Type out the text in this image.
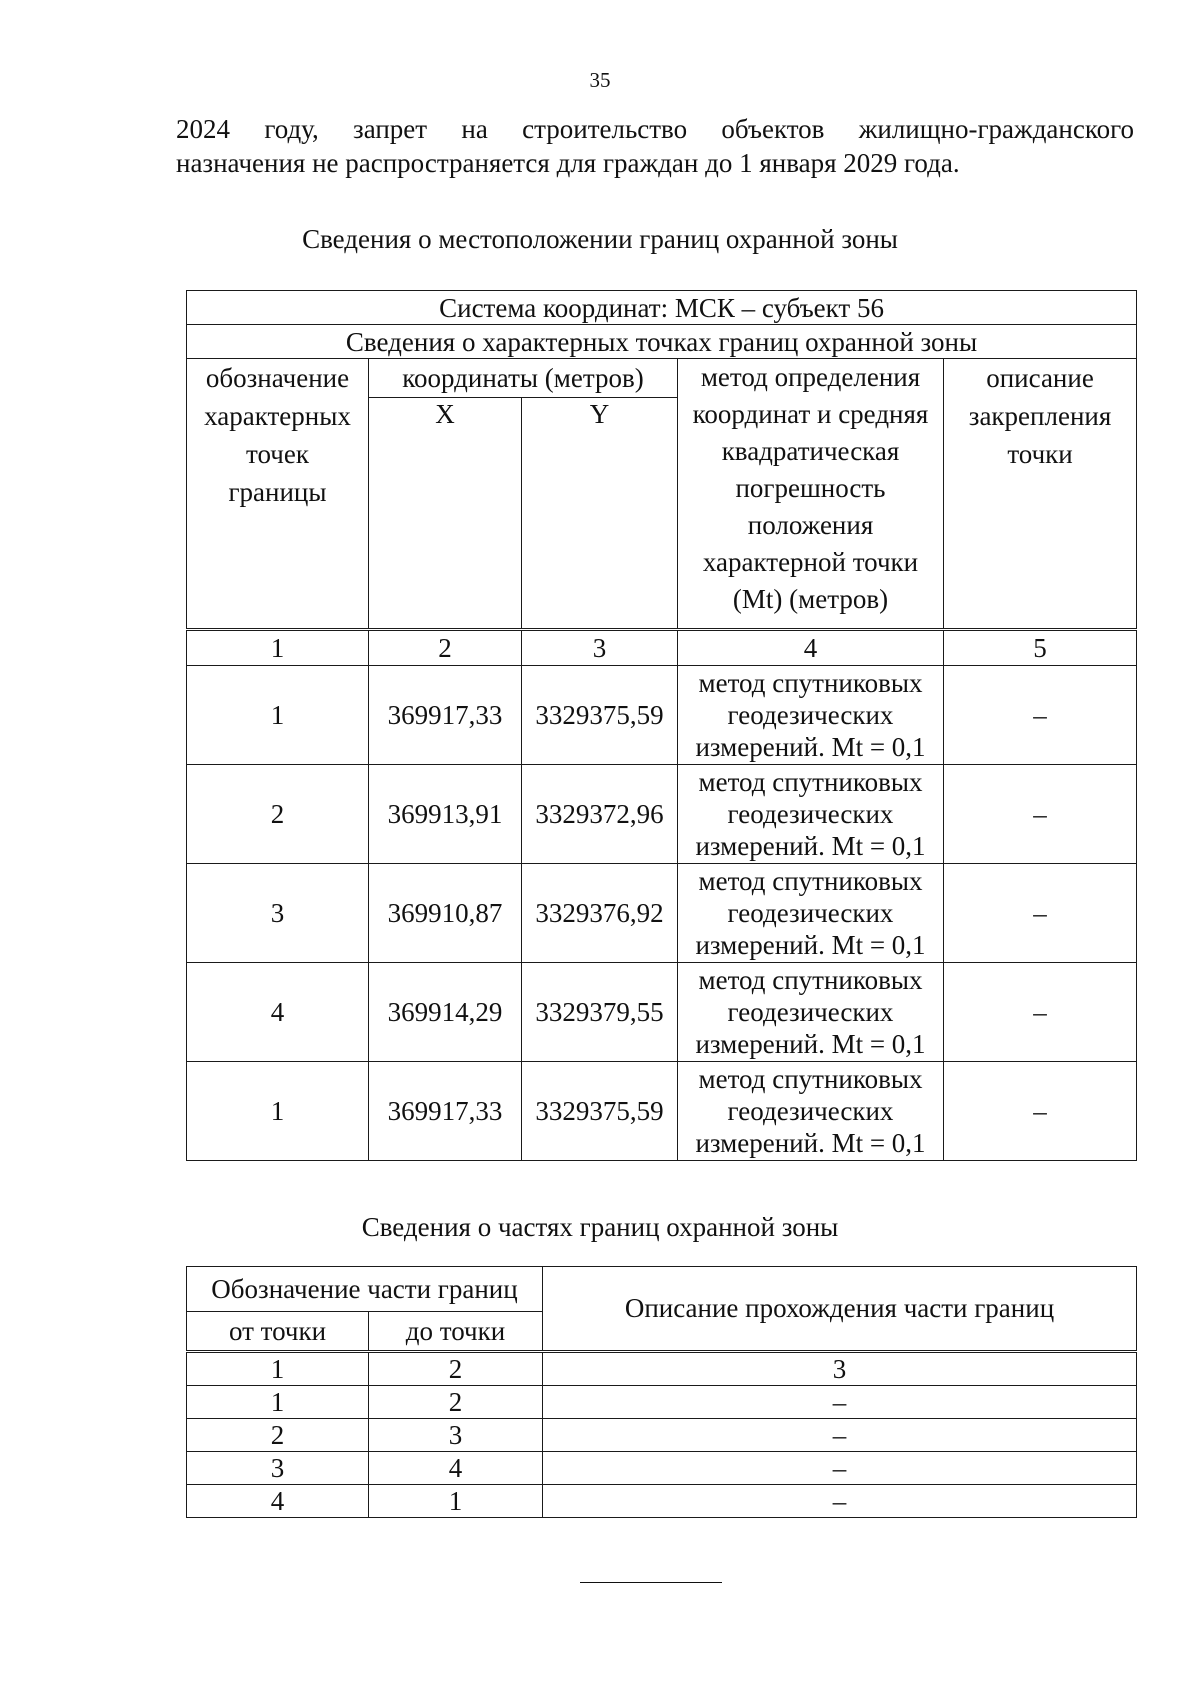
35

2024 году, запрет на строительство объектов жилищно-гражданского

назначения не распространяется для граждан до 1 января 2029 года.

Сведения о местоположении границ охранной зоны
Система координат: МСК – субъект 56				
Сведения о характерных точках границ охранной зоны				
обозначение характерных точек границы	координаты (метров)		метод определения координат и средняя квадратическая погрешность положения характерной точки (Mt) (метров)	описание закрепления точки
	X	Y		
1	2	3	4	5
1	369917,33	3329375,59	метод спутниковых геодезических измерений. Mt = 0,1	–
2	369913,91	3329372,96	метод спутниковых геодезических измерений. Mt = 0,1	–
3	369910,87	3329376,92	метод спутниковых геодезических измерений. Mt = 0,1	–
4	369914,29	3329379,55	метод спутниковых геодезических измерений. Mt = 0,1	–
1	369917,33	3329375,59	метод спутниковых геодезических измерений. Mt = 0,1	–
Сведения о частях границ охранной зоны
Обозначение части границ		Описание прохождения части границ
от точки	до точки	
1	2	3
1	2	–
2	3	–
3	4	–
4	1	–
